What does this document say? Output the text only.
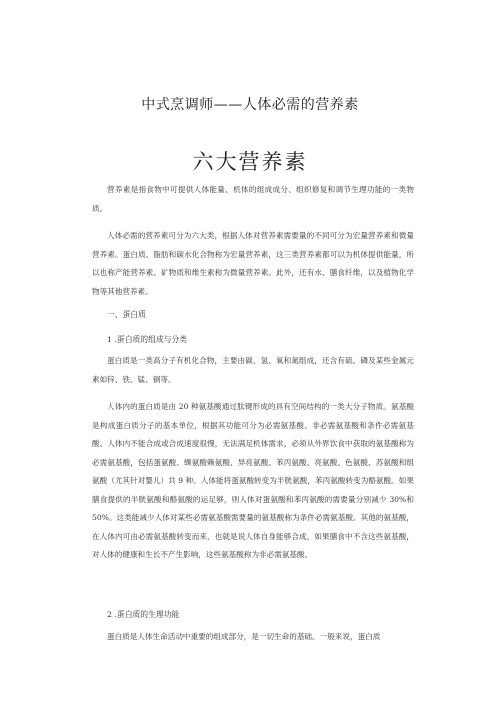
中式烹调师——人体必需的营养素
六大营养素

营养素是指食物中可提供人体能量、机体的组成成分、组织修复和调节生理功能的一类物质。

人体必需的营养素可分为六大类，根据人体对营养素需要量的不同可分为宏量营养素和微量营养素。蛋白质、脂肪和碳水化合物称为宏量营养素，这三类营养素都可以为机体提供能量，所以也称产能营养素。矿物质和维生素称为微量营养素。此外，还有水、膳食纤维，以及植物化学物等其他营养素。

一、蛋白质

1 .蛋白质的组成与分类

蛋白质是一类高分子有机化合物，主要由碳、氢、氧和氮组成，还含有硫、磷及某些金属元素如锌、铁、锰、铜等。

人体内的蛋白质是由 20 种氨基酸通过肽键形成的具有空间结构的一类大分子物质。氨基酸是构成蛋白质分子的基本单位，根据其功能可分为必需氨基酸、非必需氨基酸和条件必需氨基酸。人体内不能合成或合成速度很慢，无法满足机体需求，必须从外界饮食中获取的氨基酸称为必需氨基酸，包括蛋氨酸、缬氨酸赖氨酸、异亮氨酸、苯丙氨酸、亮氨酸、色氨酸、苏氨酸和组氨酸（尤其针对婴儿）共 9 种。人体能将蛋氨酸转变为半胱氨酸，苯丙氨酸转变为酪氨酸。如果膳食提供的半胱氨酸和酪氨酸的运足够，则人体对蛋氨酸和苯丙氨酸的需要量分别减少 30%和 50%。这类能减少人体对某些必需氨基酸需要量的氨基酸称为条件必需氨基酸。其他的氨基酸，在人体内可由必需氨基酸转变而来，也就是说人体自身能够合成，如果膳食中不含这些氨基酸，对人体的健康和生长不产生影响，这些氨基酸称为非必需氨基酸。

2 .蛋白质的生理功能

蛋白质是人体生命活动中重要的组成部分，是一切生命的基础。一般来说，蛋白质
